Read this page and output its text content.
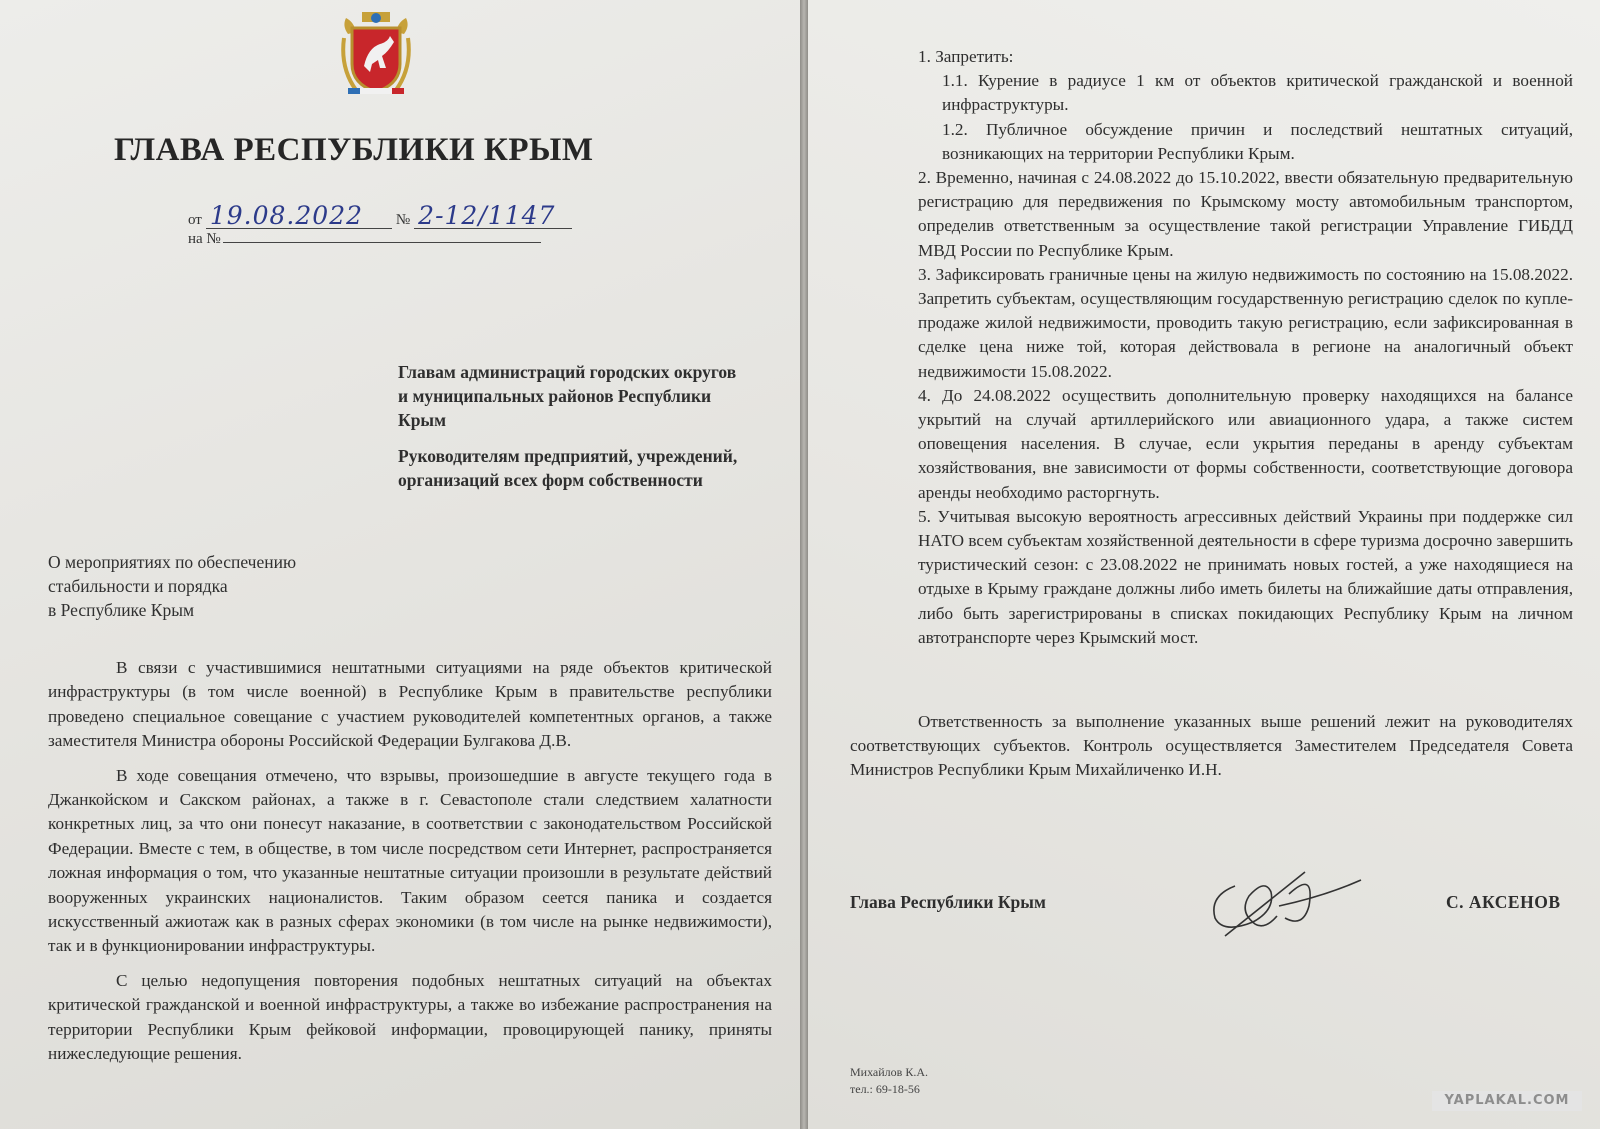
ГЛАВА РЕСПУБЛИКИ КРЫМ
от 19.08.2022 № 2-12/1147
на №

Главам администраций городских округов и муниципальных районов Республики Крым

Руководителям предприятий, учреждений, организаций всех форм собственности

О мероприятиях по обеспечению
стабильности и порядка
в Республике Крым

В связи с участившимися нештатными ситуациями на ряде объектов критической инфраструктуры (в том числе военной) в Республике Крым в правительстве республики проведено специальное совещание с участием руководителей компетентных органов, а также заместителя Министра обороны Российской Федерации Булгакова Д.В.

В ходе совещания отмечено, что взрывы, произошедшие в августе текущего года в Джанкойском и Сакском районах, а также в г. Севастополе стали следствием халатности конкретных лиц, за что они понесут наказание, в соответствии с законодательством Российской Федерации. Вместе с тем, в обществе, в том числе посредством сети Интернет, распространяется ложная информация о том, что указанные нештатные ситуации произошли в результате действий вооруженных украинских националистов. Таким образом сеется паника и создается искусственный ажиотаж как в разных сферах экономики (в том числе на рынке недвижимости), так и в функционировании инфраструктуры.

С целью недопущения повторения подобных нештатных ситуаций на объектах критической гражданской и военной инфраструктуры, а также во избежание распространения на территории Республики Крым фейковой информации, провоцирующей панику, приняты нижеследующие решения.

1. Запретить:

1.1. Курение в радиусе 1 км от объектов критической гражданской и военной инфраструктуры.

1.2. Публичное обсуждение причин и последствий нештатных ситуаций, возникающих на территории Республики Крым.

2. Временно, начиная с 24.08.2022 до 15.10.2022, ввести обязательную предварительную регистрацию для передвижения по Крымскому мосту автомобильным транспортом, определив ответственным за осуществление такой регистрации Управление ГИБДД МВД России по Республике Крым.

3. Зафиксировать граничные цены на жилую недвижимость по состоянию на 15.08.2022. Запретить субъектам, осуществляющим государственную регистрацию сделок по купле-продаже жилой недвижимости, проводить такую регистрацию, если зафиксированная в сделке цена ниже той, которая действовала в регионе на аналогичный объект недвижимости 15.08.2022.

4. До 24.08.2022 осуществить дополнительную проверку находящихся на балансе укрытий на случай артиллерийского или авиационного удара, а также систем оповещения населения. В случае, если укрытия переданы в аренду субъектам хозяйствования, вне зависимости от формы собственности, соответствующие договора аренды необходимо расторгнуть.

5. Учитывая высокую вероятность агрессивных действий Украины при поддержке сил НАТО всем субъектам хозяйственной деятельности в сфере туризма досрочно завершить туристический сезон: с 23.08.2022 не принимать новых гостей, а уже находящиеся на отдыхе в Крыму граждане должны либо иметь билеты на ближайшие даты отправления, либо быть зарегистрированы в списках покидающих Республику Крым на личном автотранспорте через Крымский мост.

Ответственность за выполнение указанных выше решений лежит на руководителях соответствующих субъектов. Контроль осуществляется Заместителем Председателя Совета Министров Республики Крым Михайличенко И.Н.

Глава Республики Крым	С. АКСЕНОВ
Михайлов К.А.
тел.: 69-18-56
YAPLAKAL.COM
